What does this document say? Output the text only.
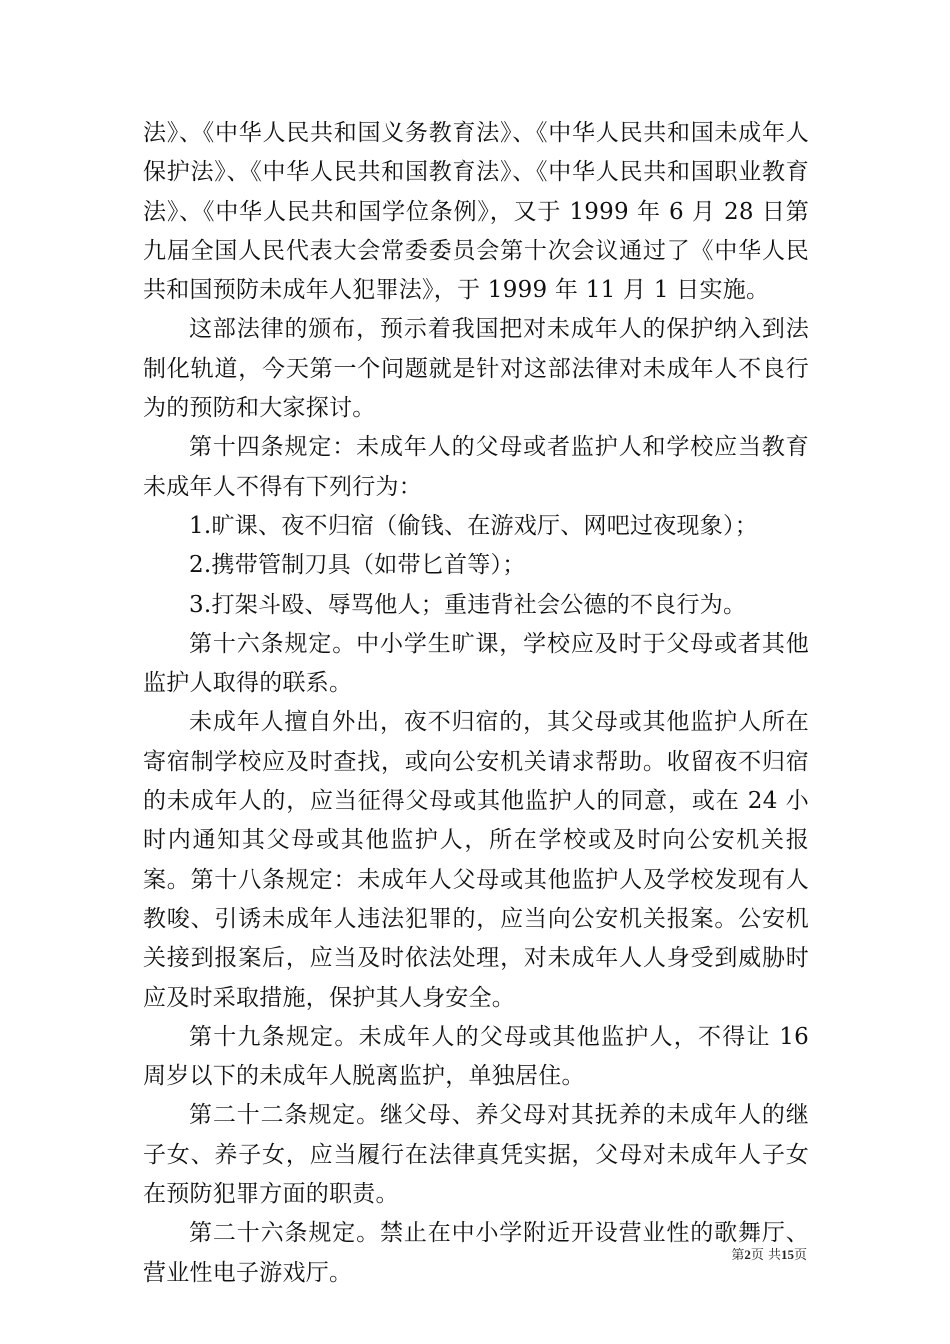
法》、《中华人民共和国义务教育法》、《中华人民共和国未成年人保护法》、《中华人民共和国教育法》、《中华人民共和国职业教育法》、《中华人民共和国学位条例》，又于 1999 年 6 月 28 日第九届全国人民代表大会常委委员会第十次会议通过了《中华人民共和国预防未成年人犯罪法》，于 1999 年 11 月 1 日实施。

这部法律的颁布，预示着我国把对未成年人的保护纳入到法制化轨道，今天第一个问题就是针对这部法律对未成年人不良行为的预防和大家探讨。

第十四条规定：未成年人的父母或者监护人和学校应当教育未成年人不得有下列行为：

1.旷课、夜不归宿（偷钱、在游戏厅、网吧过夜现象）；

2.携带管制刀具（如带匕首等）；

3.打架斗殴、辱骂他人；重违背社会公德的不良行为。

第十六条规定。中小学生旷课，学校应及时于父母或者其他监护人取得的联系。

未成年人擅自外出，夜不归宿的，其父母或其他监护人所在寄宿制学校应及时查找，或向公安机关请求帮助。收留夜不归宿的未成年人的，应当征得父母或其他监护人的同意，或在 24 小时内通知其父母或其他监护人，所在学校或及时向公安机关报案。第十八条规定：未成年人父母或其他监护人及学校发现有人教唆、引诱未成年人违法犯罪的，应当向公安机关报案。公安机关接到报案后，应当及时依法处理，对未成年人人身受到威胁时应及时采取措施，保护其人身安全。

第十九条规定。未成年人的父母或其他监护人，不得让 16 周岁以下的未成年人脱离监护，单独居住。

第二十二条规定。继父母、养父母对其抚养的未成年人的继子女、养子女，应当履行在法律真凭实据，父母对未成年人子女在预防犯罪方面的职责。

第二十六条规定。禁止在中小学附近开设营业性的歌舞厅、营业性电子游戏厅。

第2页 共15页
